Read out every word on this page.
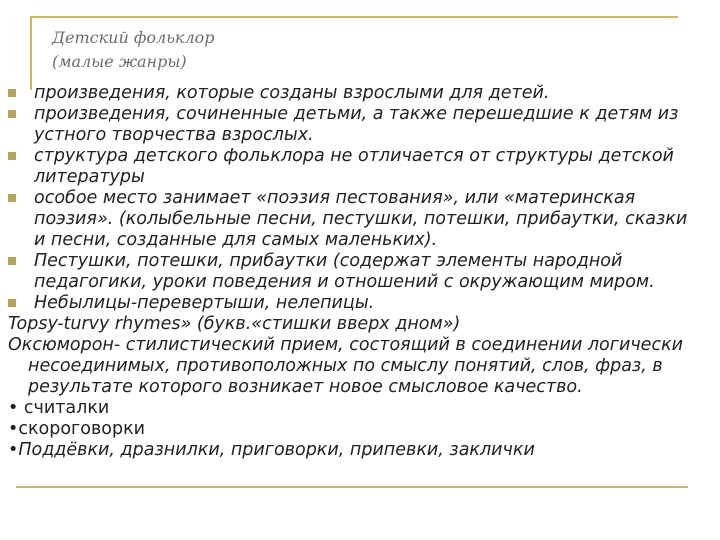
Детский фольклор
(малые жанры)
произведения, которые созданы взрослыми для детей.
произведения, сочиненные детьми, а также перешедшие к детям из устного творчества взрослых.
структура детского фольклора не отличается от структуры детской литературы
особое место занимает «поэзия пестования», или «материнская поэзия». (колыбельные песни, пестушки, потешки, прибаутки, сказки и песни, созданные для самых маленьких).
Пестушки, потешки, прибаутки (содержат элементы народной педагогики, уроки поведения и отношений с окружающим миром.
Небылицы-перевертыши, нелепицы.
Topsy-turvy rhymes» (букв.«стишки вверх дном»)
Оксюморон- стилистический прием, состоящий в соединении логически несоединимых, противоположных по смыслу понятий, слов, фраз, в результате которого возникает новое смысловое качество.
• считалки
•скороговорки
•Поддёвки, дразнилки, приговорки, припевки, заклички
